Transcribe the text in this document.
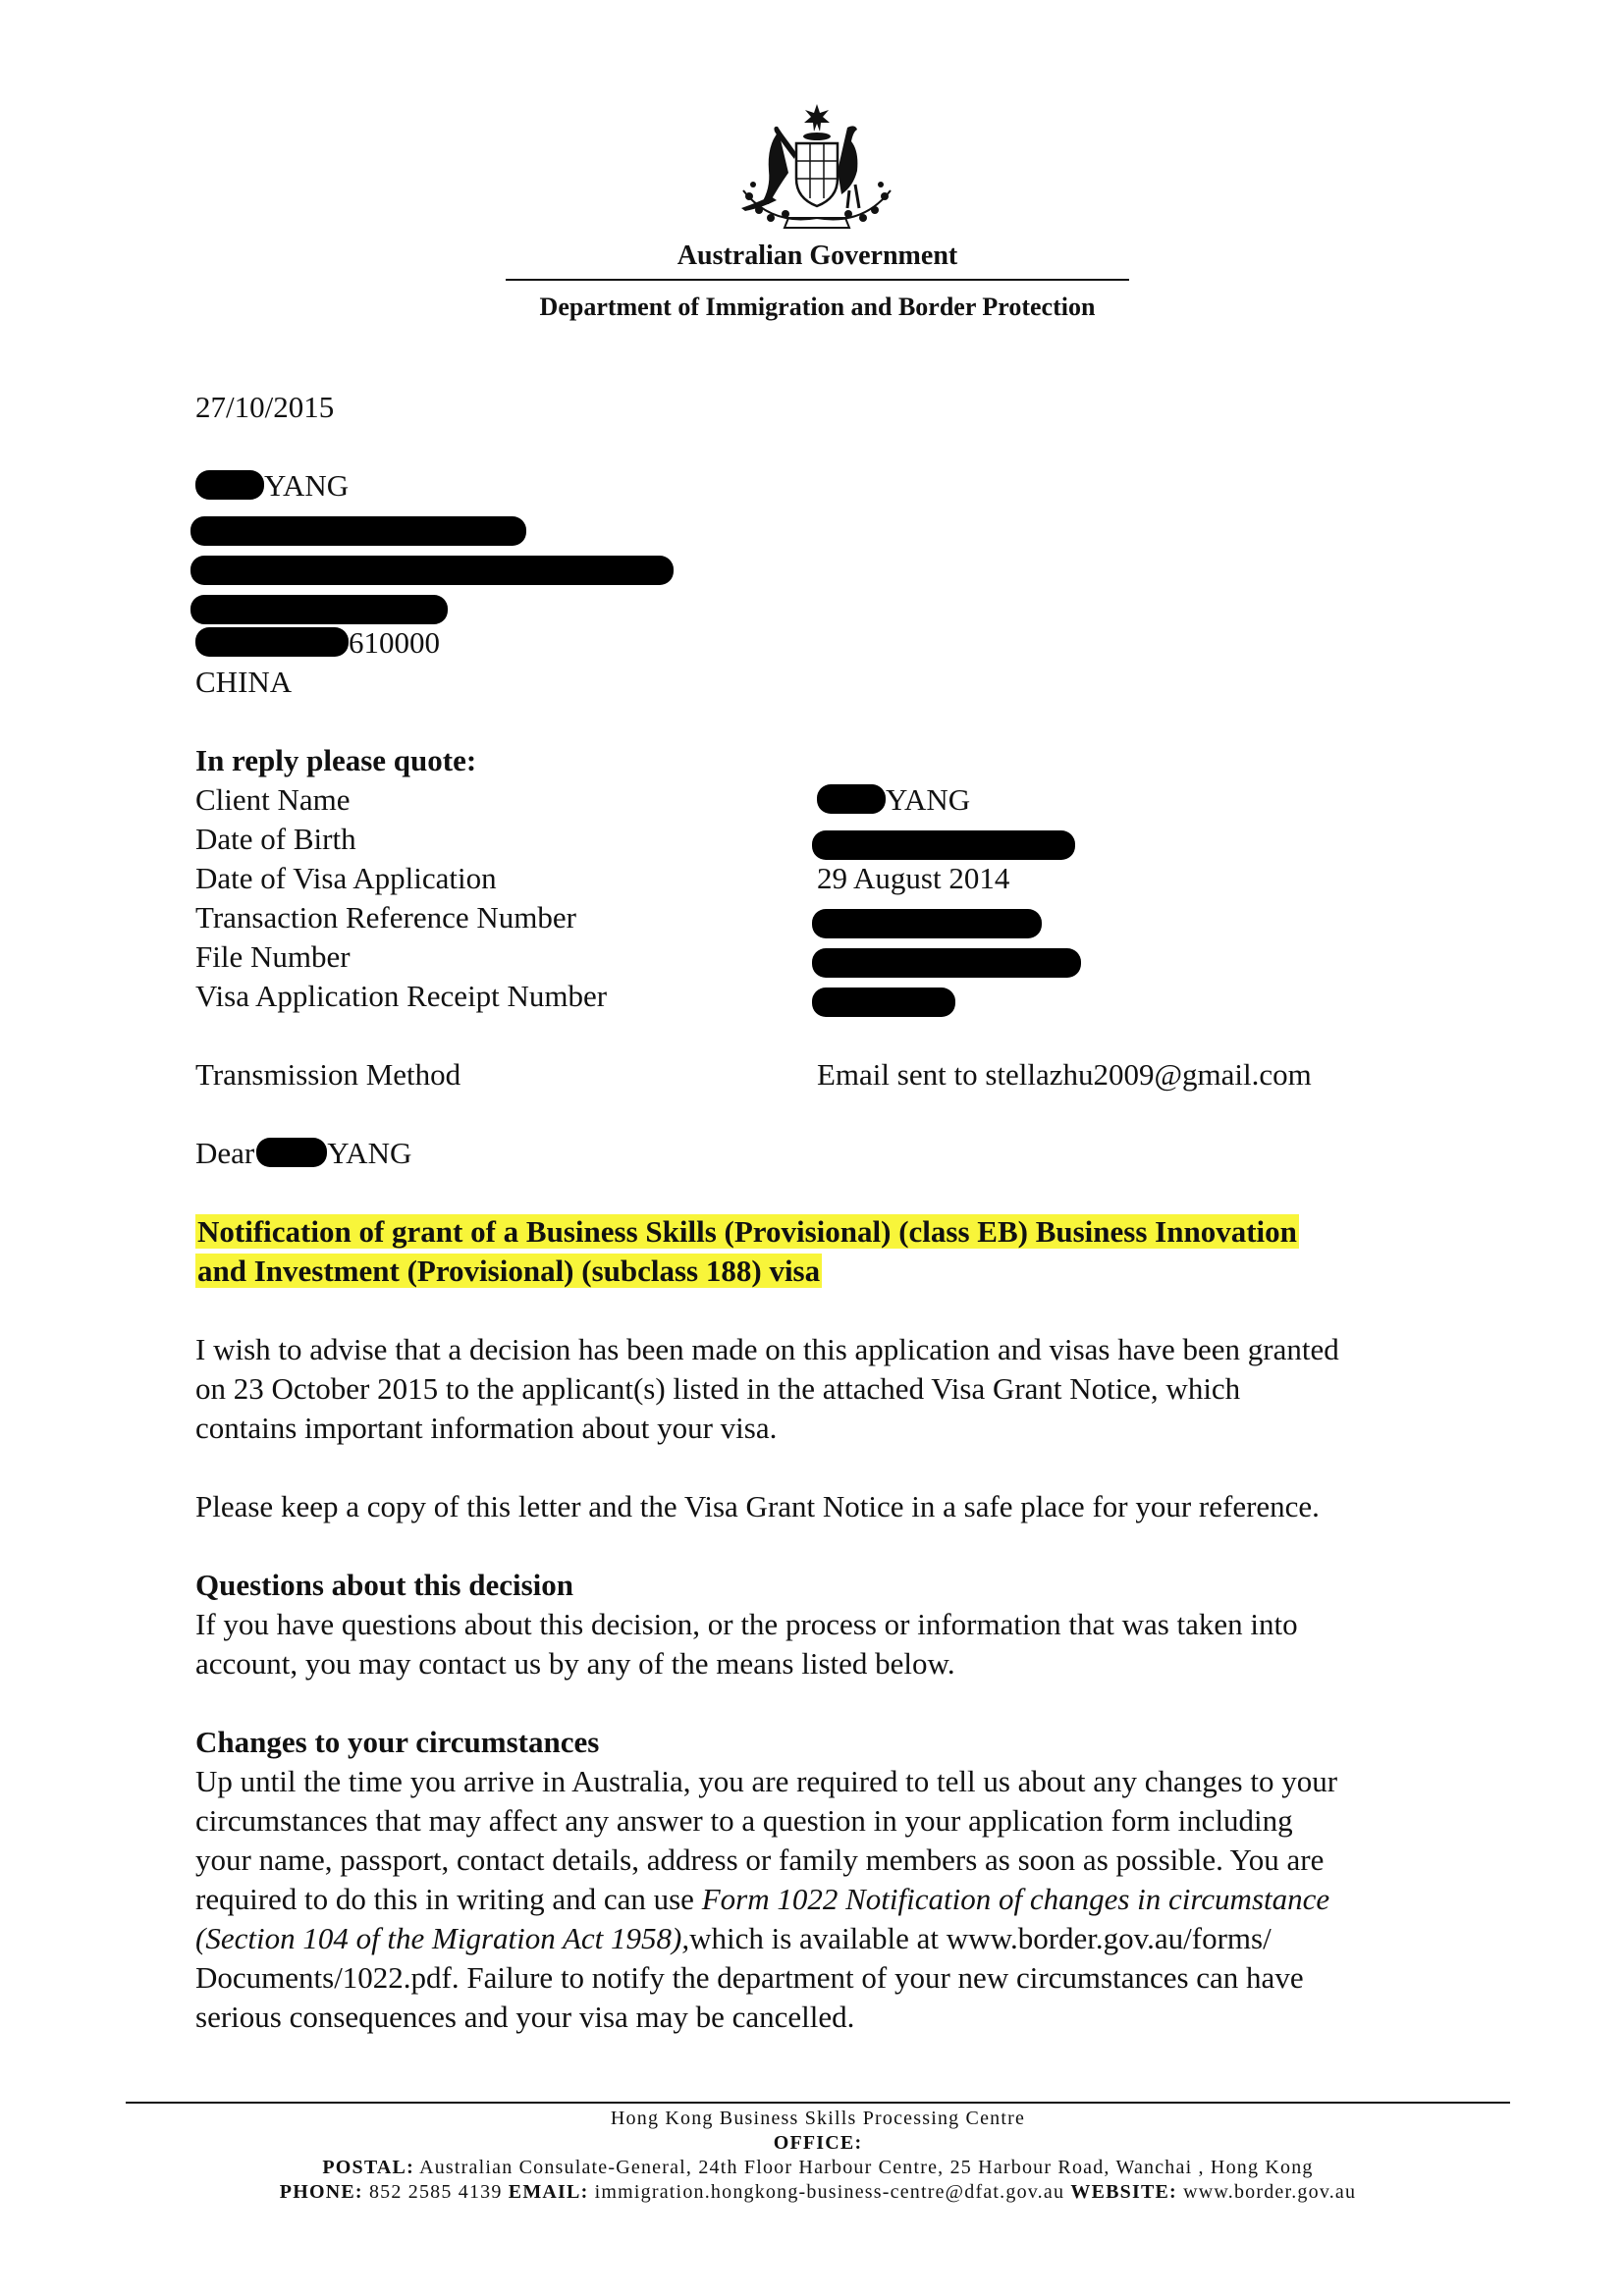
Australian Government
Department of Immigration and Border Protection
27/10/2015
YANG
610000
CHINA
In reply please quote:
Client Name	YANG
Date of Birth
Date of Visa Application	29 August 2014
Transaction Reference Number
File Number
Visa Application Receipt Number
Transmission Method	Email sent to stellazhu2009@gmail.com
Dear YANG
Notification of grant of a Business Skills (Provisional) (class EB) Business Innovation
and Investment (Provisional) (subclass 188) visa
I wish to advise that a decision has been made on this application and visas have been granted
on 23 October 2015 to the applicant(s) listed in the attached Visa Grant Notice, which
contains important information about your visa.
Please keep a copy of this letter and the Visa Grant Notice in a safe place for your reference.
Questions about this decision
If you have questions about this decision, or the process or information that was taken into
account, you may contact us by any of the means listed below.
Changes to your circumstances
Up until the time you arrive in Australia, you are required to tell us about any changes to your
circumstances that may affect any answer to a question in your application form including
your name, passport, contact details, address or family members as soon as possible. You are
required to do this in writing and can use Form 1022 Notification of changes in circumstance
(Section 104 of the Migration Act 1958),which is available at www.border.gov.au/forms/
Documents/1022.pdf. Failure to notify the department of your new circumstances can have
serious consequences and your visa may be cancelled.
Hong Kong Business Skills Processing Centre
OFFICE:
POSTAL: Australian Consulate-General, 24th Floor Harbour Centre, 25 Harbour Road, Wanchai , Hong Kong
PHONE: 852 2585 4139 EMAIL: immigration.hongkong-business-centre@dfat.gov.au WEBSITE: www.border.gov.au
